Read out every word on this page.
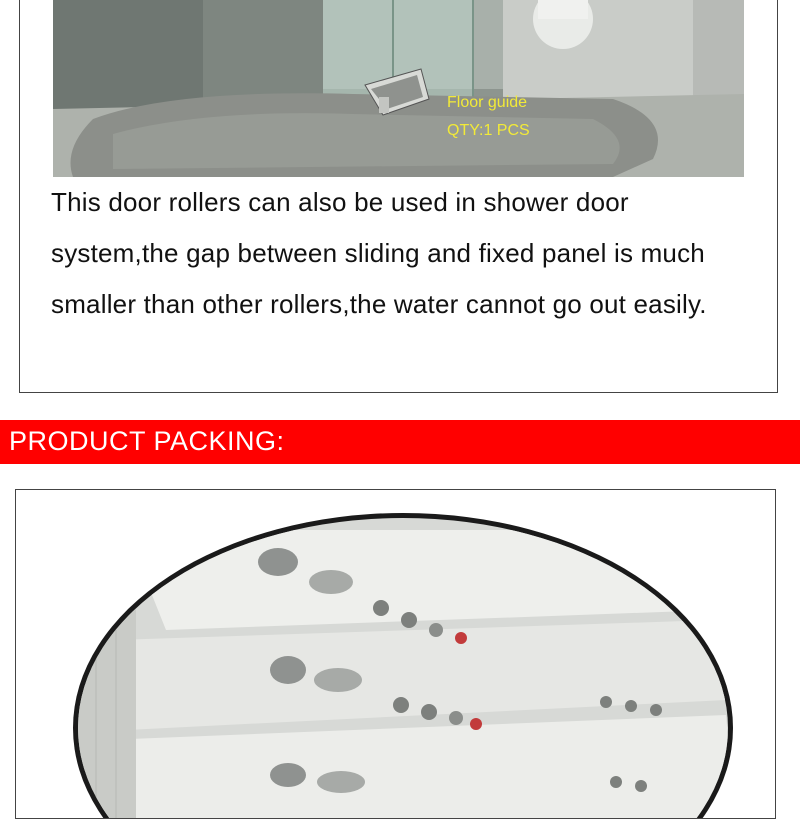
Floor guide
QTY:1 PCS

This door rollers can also be used in shower door system,the gap between sliding and fixed panel is much smaller than other rollers,the water cannot go out easily.

PRODUCT PACKING:
